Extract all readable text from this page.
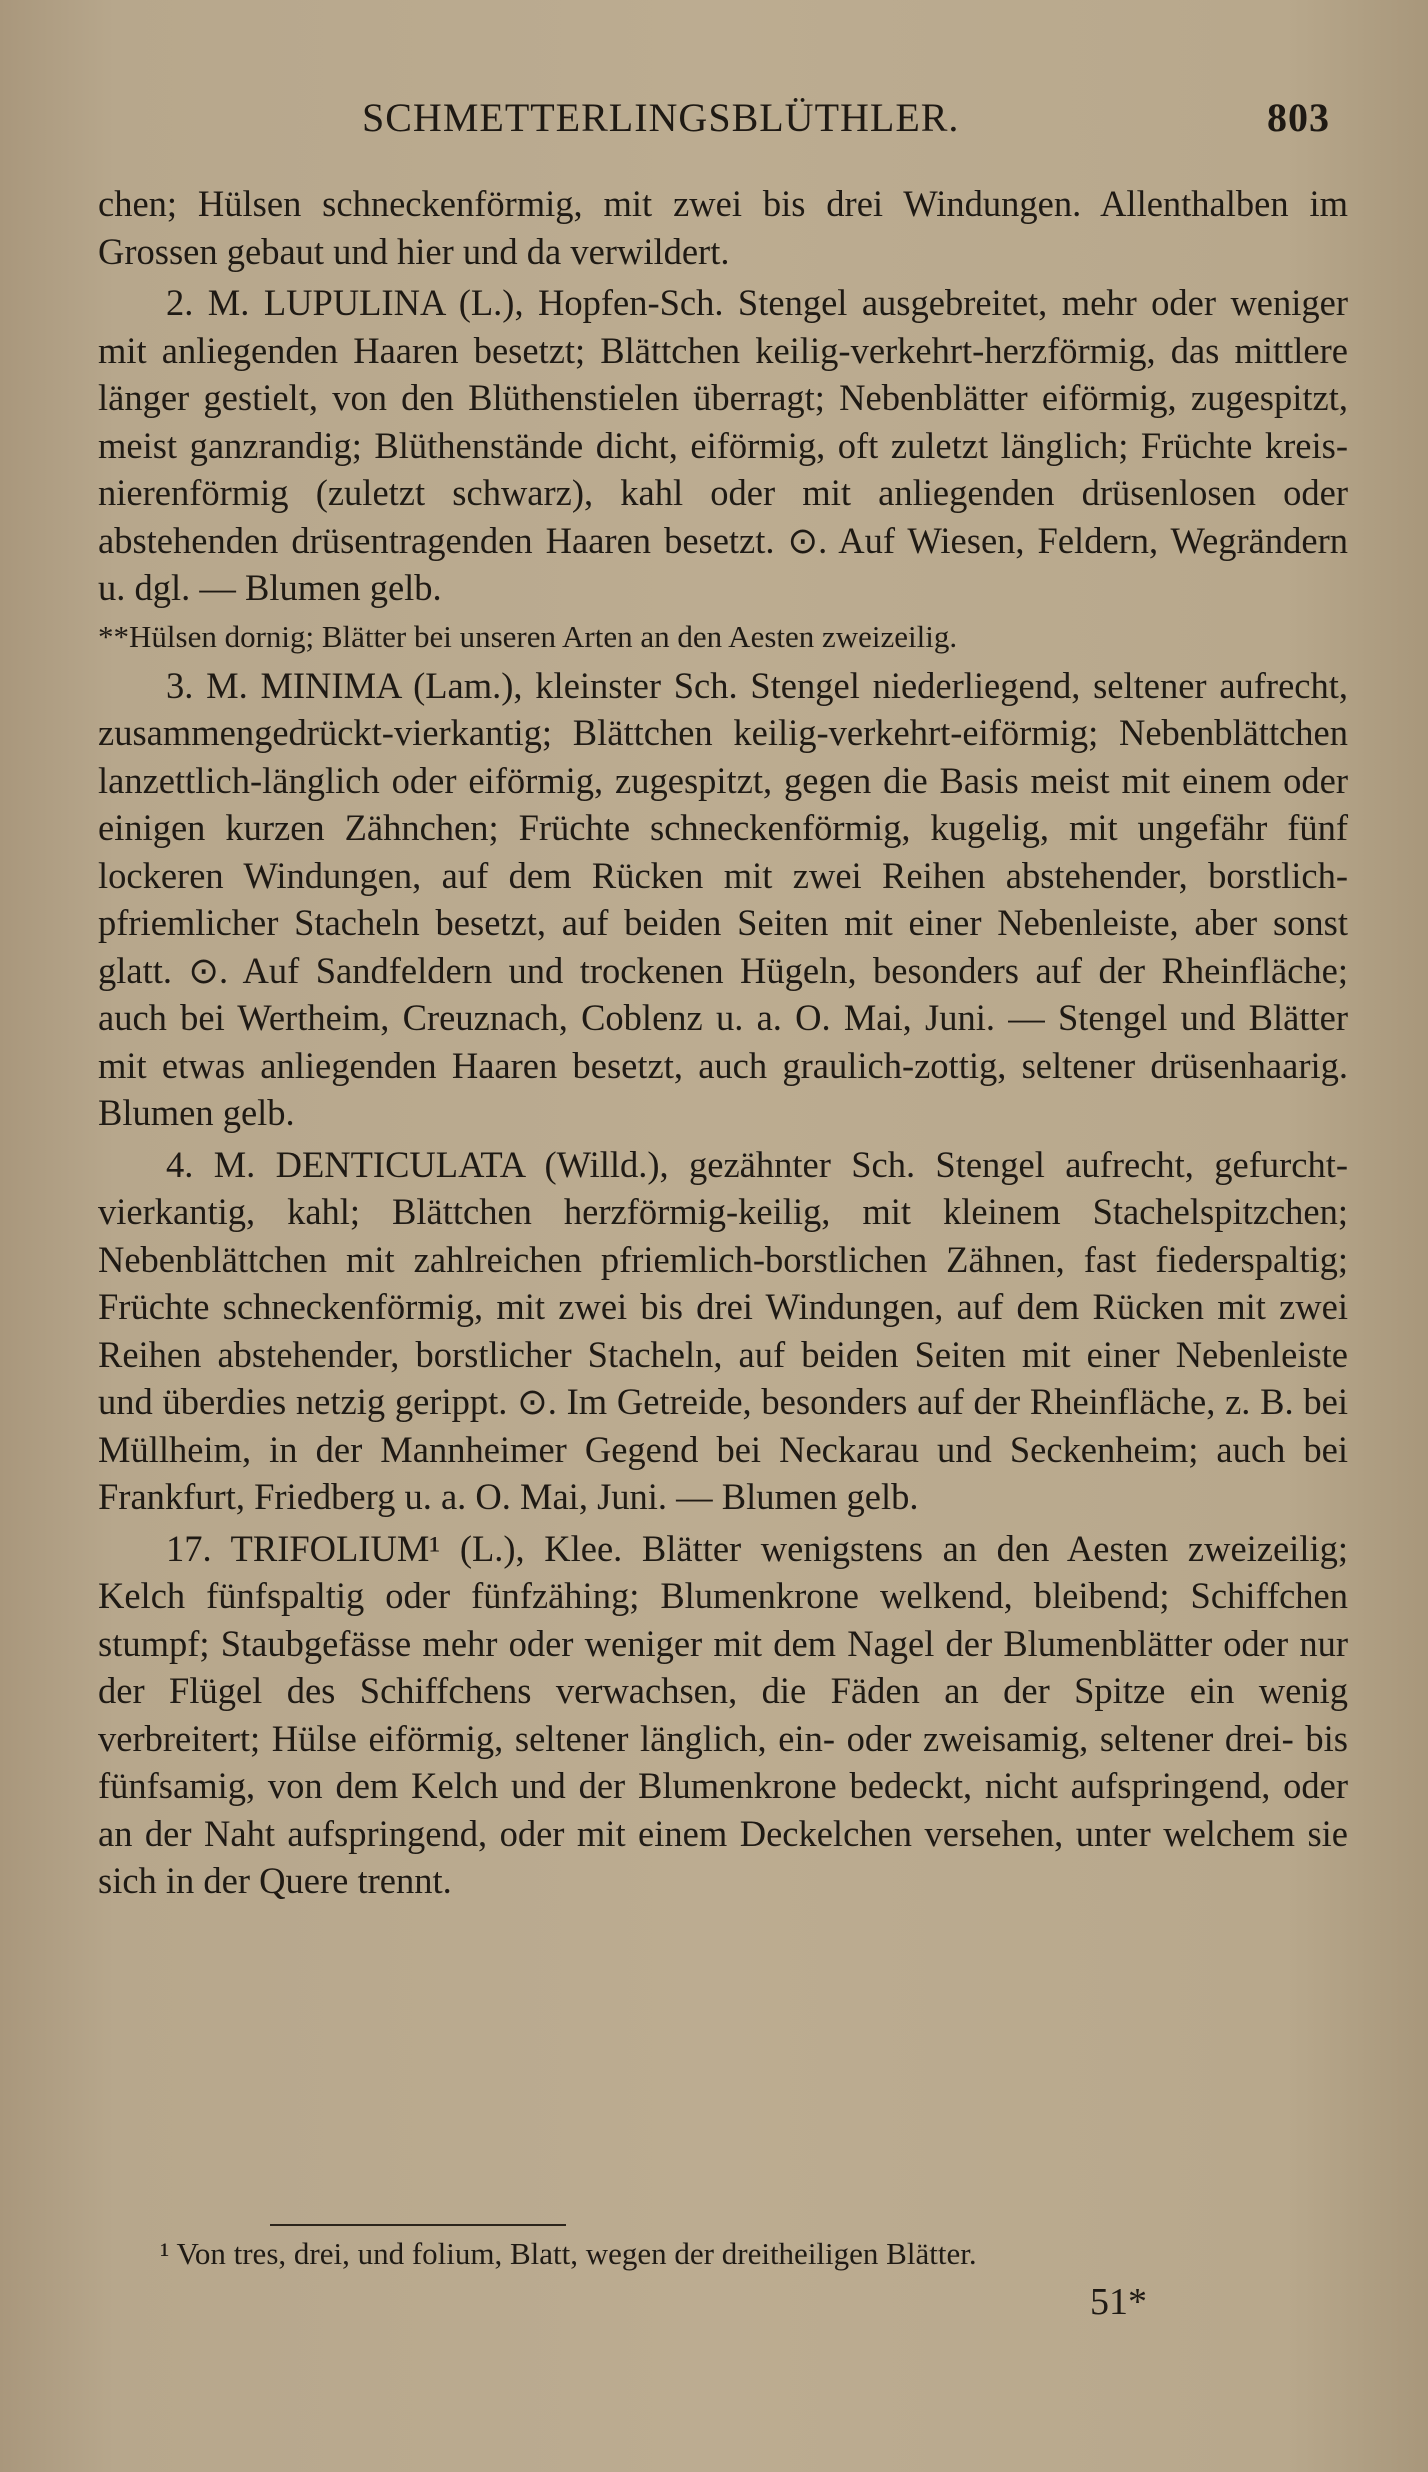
SCHMETTERLINGSBLÜTHLER.	803

chen; Hülsen schneckenförmig, mit zwei bis drei Windungen. Allenthalben im Grossen gebaut und hier und da verwildert.

2. M. LUPULINA (L.), Hopfen-Sch. Stengel ausgebreitet, mehr oder weniger mit anliegenden Haaren besetzt; Blättchen keilig-verkehrt-herzförmig, das mittlere länger gestielt, von den Blüthenstielen überragt; Nebenblätter eiförmig, zugespitzt, meist ganzrandig; Blüthenstände dicht, eiförmig, oft zuletzt länglich; Früchte kreis-nierenförmig (zuletzt schwarz), kahl oder mit anliegenden drüsenlosen oder abstehenden drüsentragenden Haaren besetzt. ⊙. Auf Wiesen, Feldern, Wegrändern u. dgl. — Blumen gelb.

**Hülsen dornig; Blätter bei unseren Arten an den Aesten zweizeilig.

3. M. MINIMA (Lam.), kleinster Sch. Stengel niederliegend, seltener aufrecht, zusammengedrückt-vierkantig; Blättchen keilig-verkehrt-eiförmig; Nebenblättchen lanzettlich-länglich oder eiförmig, zugespitzt, gegen die Basis meist mit einem oder einigen kurzen Zähnchen; Früchte schneckenförmig, kugelig, mit ungefähr fünf lockeren Windungen, auf dem Rücken mit zwei Reihen abstehender, borstlich-pfriemlicher Stacheln besetzt, auf beiden Seiten mit einer Nebenleiste, aber sonst glatt. ⊙. Auf Sandfeldern und trockenen Hügeln, besonders auf der Rheinfläche; auch bei Wertheim, Creuznach, Coblenz u. a. O. Mai, Juni. — Stengel und Blätter mit etwas anliegenden Haaren besetzt, auch graulich-zottig, seltener drüsenhaarig. Blumen gelb.

4. M. DENTICULATA (Willd.), gezähnter Sch. Stengel aufrecht, gefurcht-vierkantig, kahl; Blättchen herzförmig-keilig, mit kleinem Stachelspitzchen; Nebenblättchen mit zahlreichen pfriemlich-borstlichen Zähnen, fast fiederspaltig; Früchte schneckenförmig, mit zwei bis drei Windungen, auf dem Rücken mit zwei Reihen abstehender, borstlicher Stacheln, auf beiden Seiten mit einer Nebenleiste und überdies netzig gerippt. ⊙. Im Getreide, besonders auf der Rheinfläche, z. B. bei Müllheim, in der Mannheimer Gegend bei Neckarau und Seckenheim; auch bei Frankfurt, Friedberg u. a. O. Mai, Juni. — Blumen gelb.

17. TRIFOLIUM¹ (L.), Klee. Blätter wenigstens an den Aesten zweizeilig; Kelch fünfspaltig oder fünfzähing; Blumenkrone welkend, bleibend; Schiffchen stumpf; Staubgefässe mehr oder weniger mit dem Nagel der Blumenblätter oder nur der Flügel des Schiffchens verwachsen, die Fäden an der Spitze ein wenig verbreitert; Hülse eiförmig, seltener länglich, ein- oder zweisamig, seltener drei- bis fünfsamig, von dem Kelch und der Blumenkrone bedeckt, nicht aufspringend, oder an der Naht aufspringend, oder mit einem Deckelchen versehen, unter welchem sie sich in der Quere trennt.

¹ Von tres, drei, und folium, Blatt, wegen der dreitheiligen Blätter.
51*
